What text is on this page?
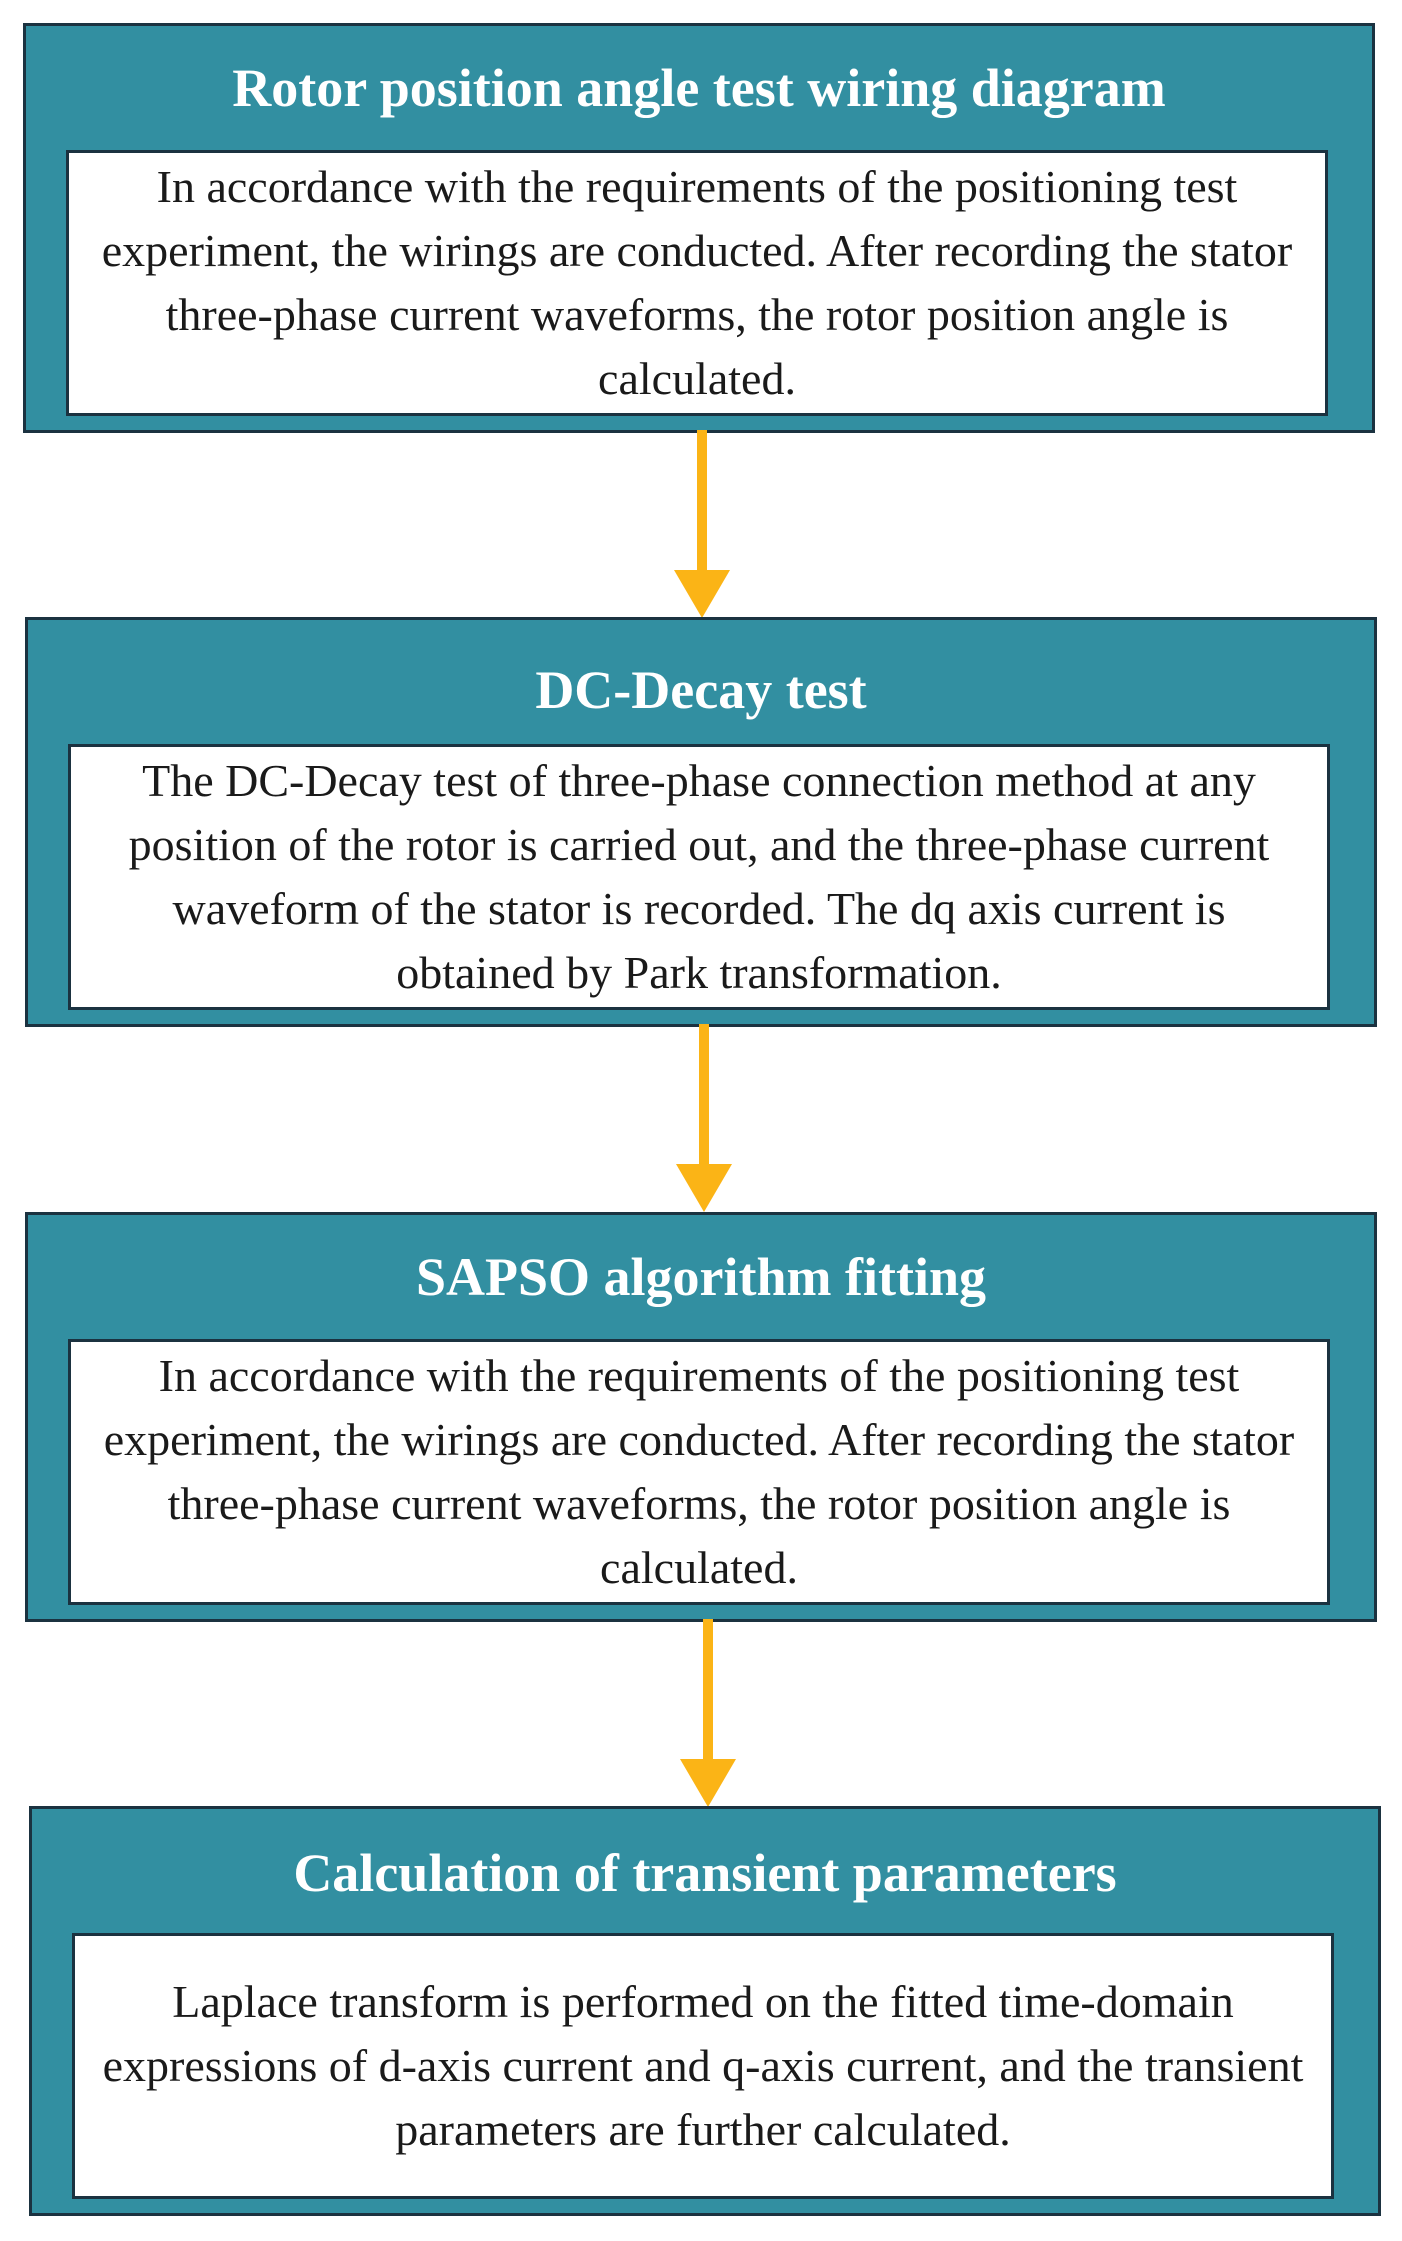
Rotor position angle test wiring diagram
In accordance with the requirements of the positioning test experiment, the wirings are conducted. After recording the stator three-phase current waveforms, the rotor position angle is calculated.
DC-Decay test
The DC-Decay test of three-phase connection method at any position of the rotor is carried out, and the three-phase current waveform of the stator is recorded. The dq axis current is obtained by Park transformation.
SAPSO algorithm fitting
In accordance with the requirements of the positioning test experiment, the wirings are conducted. After recording the stator three-phase current waveforms, the rotor position angle is calculated.
Calculation of transient parameters
Laplace transform is performed on the fitted time-domain expressions of d-axis current and q-axis current, and the transient parameters are further calculated.
